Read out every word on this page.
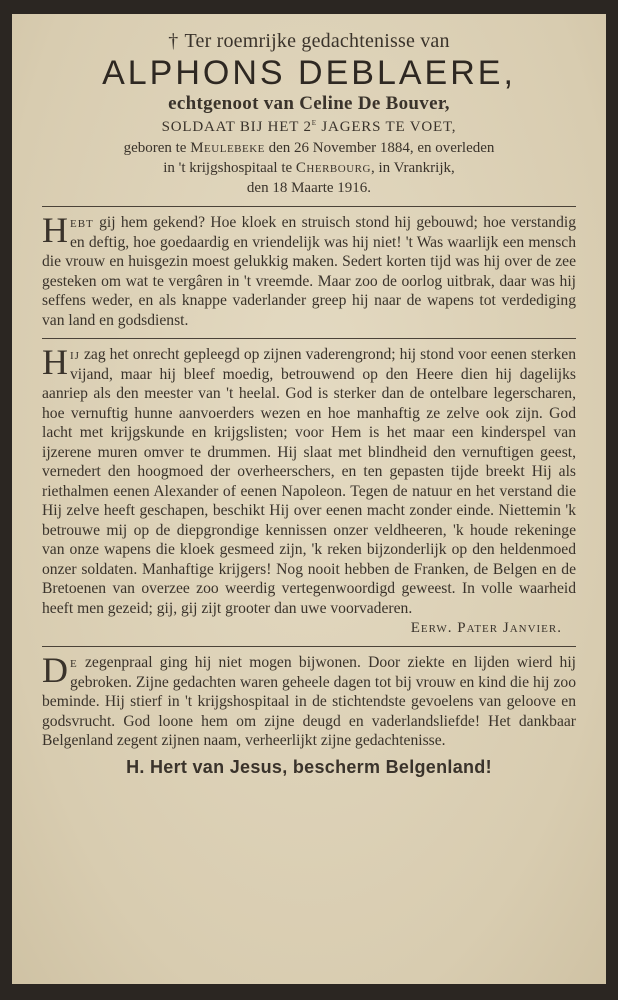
† Ter roemrijke gedachtenisse van
ALPHONS DEBLAERE,
echtgenoot van Celine De Bouver,
SOLDAAT BIJ HET 2e JAGERS TE VOET,
geboren te Meulebeke den 26 November 1884, en overleden
in 't krijgshospitaal te Cherbourg, in Vrankrijk,
den 18 Maarte 1916.

Hebt gij hem gekend? Hoe kloek en struisch stond hij gebouwd; hoe verstandig en deftig, hoe goedaardig en vriendelijk was hij niet! 't Was waarlijk een mensch die vrouw en huisgezin moest gelukkig maken. Sedert korten tijd was hij over de zee gesteken om wat te vergâren in 't vreemde. Maar zoo de oorlog uitbrak, daar was hij seffens weder, en als knappe vaderlander greep hij naar de wapens tot verdediging van land en godsdienst.

Hij zag het onrecht gepleegd op zijnen vaderengrond; hij stond voor eenen sterken vijand, maar hij bleef moedig, betrouwend op den Heere dien hij dagelijks aanriep als den meester van 't heelal. God is sterker dan de ontelbare legerscharen, hoe vernuftig hunne aanvoerders wezen en hoe manhaftig ze zelve ook zijn. God lacht met krijgskunde en krijgslisten; voor Hem is het maar een kinderspel van ijzerene muren omver te drummen. Hij slaat met blindheid den vernuftigen geest, vernedert den hoogmoed der overheerschers, en ten gepasten tijde breekt Hij als riethalmen eenen Alexander of eenen Napoleon. Tegen de natuur en het verstand die Hij zelve heeft geschapen, beschikt Hij over eenen macht zonder einde. Niettemin 'k betrouwe mij op de diepgrondige kennissen onzer veldheeren, 'k houde rekeninge van onze wapens die kloek gesmeed zijn, 'k reken bijzonderlijk op den heldenmoed onzer soldaten. Manhaftige krijgers! Nog nooit hebben de Franken, de Belgen en de Bretoenen van overzee zoo weerdig vertegenwoordigd geweest. In volle waarheid heeft men gezeid; gij, gij zijt grooter dan uwe voorvaderen.

Eerw. Pater Janvier.

De zegenpraal ging hij niet mogen bijwonen. Door ziekte en lijden wierd hij gebroken. Zijne gedachten waren geheele dagen tot bij vrouw en kind die hij zoo beminde. Hij stierf in 't krijgshospitaal in de stichtendste gevoelens van geloove en godsvrucht. God loone hem om zijne deugd en vaderlandsliefde! Het dankbaar Belgenland zegent zijnen naam, verheerlijkt zijne gedachtenisse.

H. Hert van Jesus, bescherm Belgenland!
